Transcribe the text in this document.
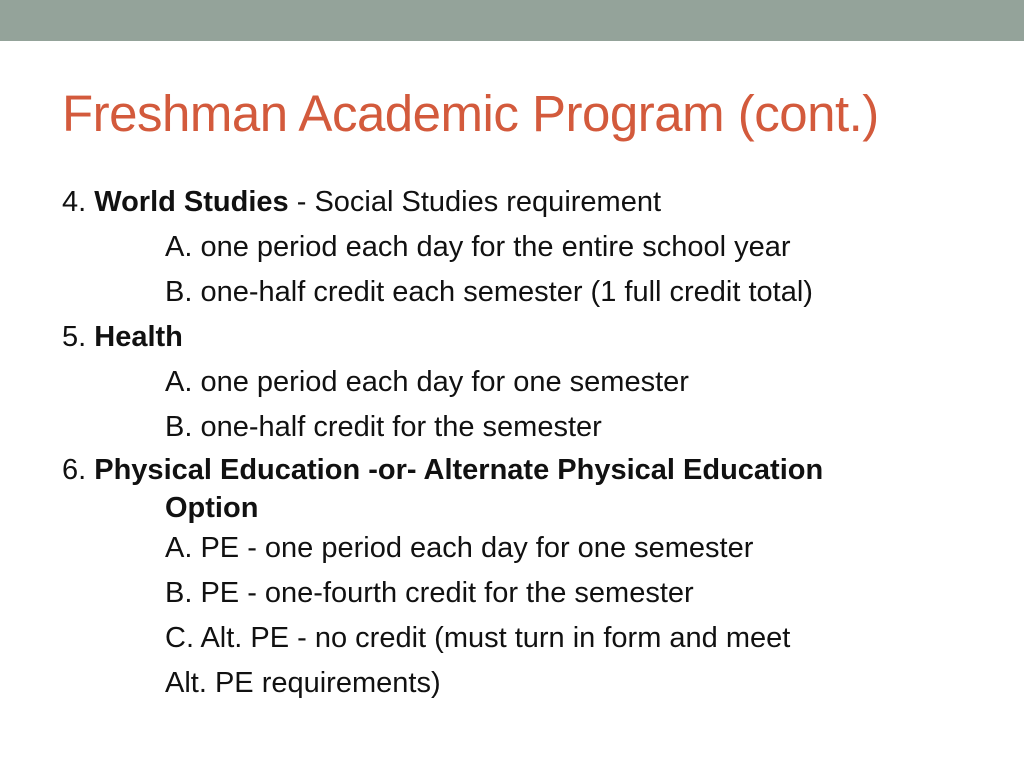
Freshman Academic Program (cont.)
4. World Studies - Social Studies requirement
A. one period each day for the entire school year
B. one-half credit each semester (1 full credit total)
5. Health
A. one period each day for one semester
B. one-half credit for the semester
6. Physical Education -or- Alternate Physical Education
Option
A. PE - one period each day for one semester
B. PE - one-fourth credit for the semester
C. Alt. PE - no credit (must turn in form and meet
Alt. PE requirements)
